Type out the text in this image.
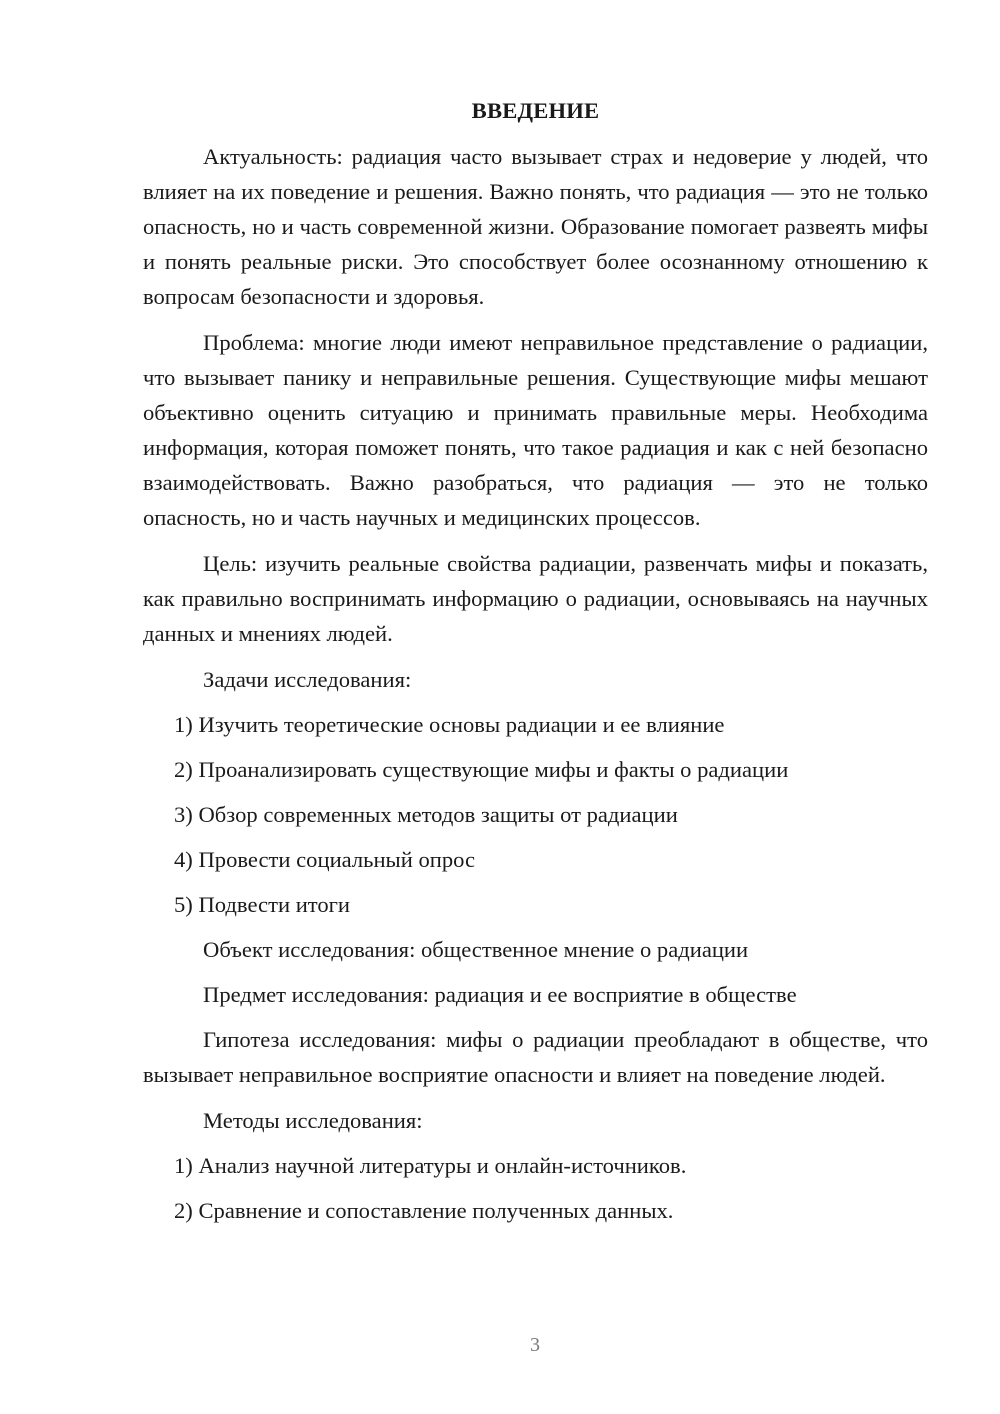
ВВЕДЕНИЕ

Актуальность: радиация часто вызывает страх и недоверие у людей, что влияет на их поведение и решения. Важно понять, что радиация — это не только опасность, но и часть современной жизни. Образование помогает развеять мифы и понять реальные риски. Это способствует более осознанному отношению к вопросам безопасности и здоровья.

Проблема: многие люди имеют неправильное представление о радиации, что вызывает панику и неправильные решения. Существующие мифы мешают объективно оценить ситуацию и принимать правильные меры. Необходима информация, которая поможет понять, что такое радиация и как с ней безопасно взаимодействовать. Важно разобраться, что радиация — это не только опасность, но и часть научных и медицинских процессов.

Цель: изучить реальные свойства радиации, развенчать мифы и показать, как правильно воспринимать информацию о радиации, основываясь на научных данных и мнениях людей.

Задачи исследования:
1) Изучить теоретические основы радиации и ее влияние
2) Проанализировать существующие мифы и факты о радиации
3) Обзор современных методов защиты от радиации
4) Провести социальный опрос
5) Подвести итоги
Объект исследования: общественное мнение о радиации
Предмет исследования: радиация и ее восприятие в обществе

Гипотеза исследования: мифы о радиации преобладают в обществе, что вызывает неправильное восприятие опасности и влияет на поведение людей.

Методы исследования:
1) Анализ научной литературы и онлайн-источников.
2) Сравнение и сопоставление полученных данных.
3
